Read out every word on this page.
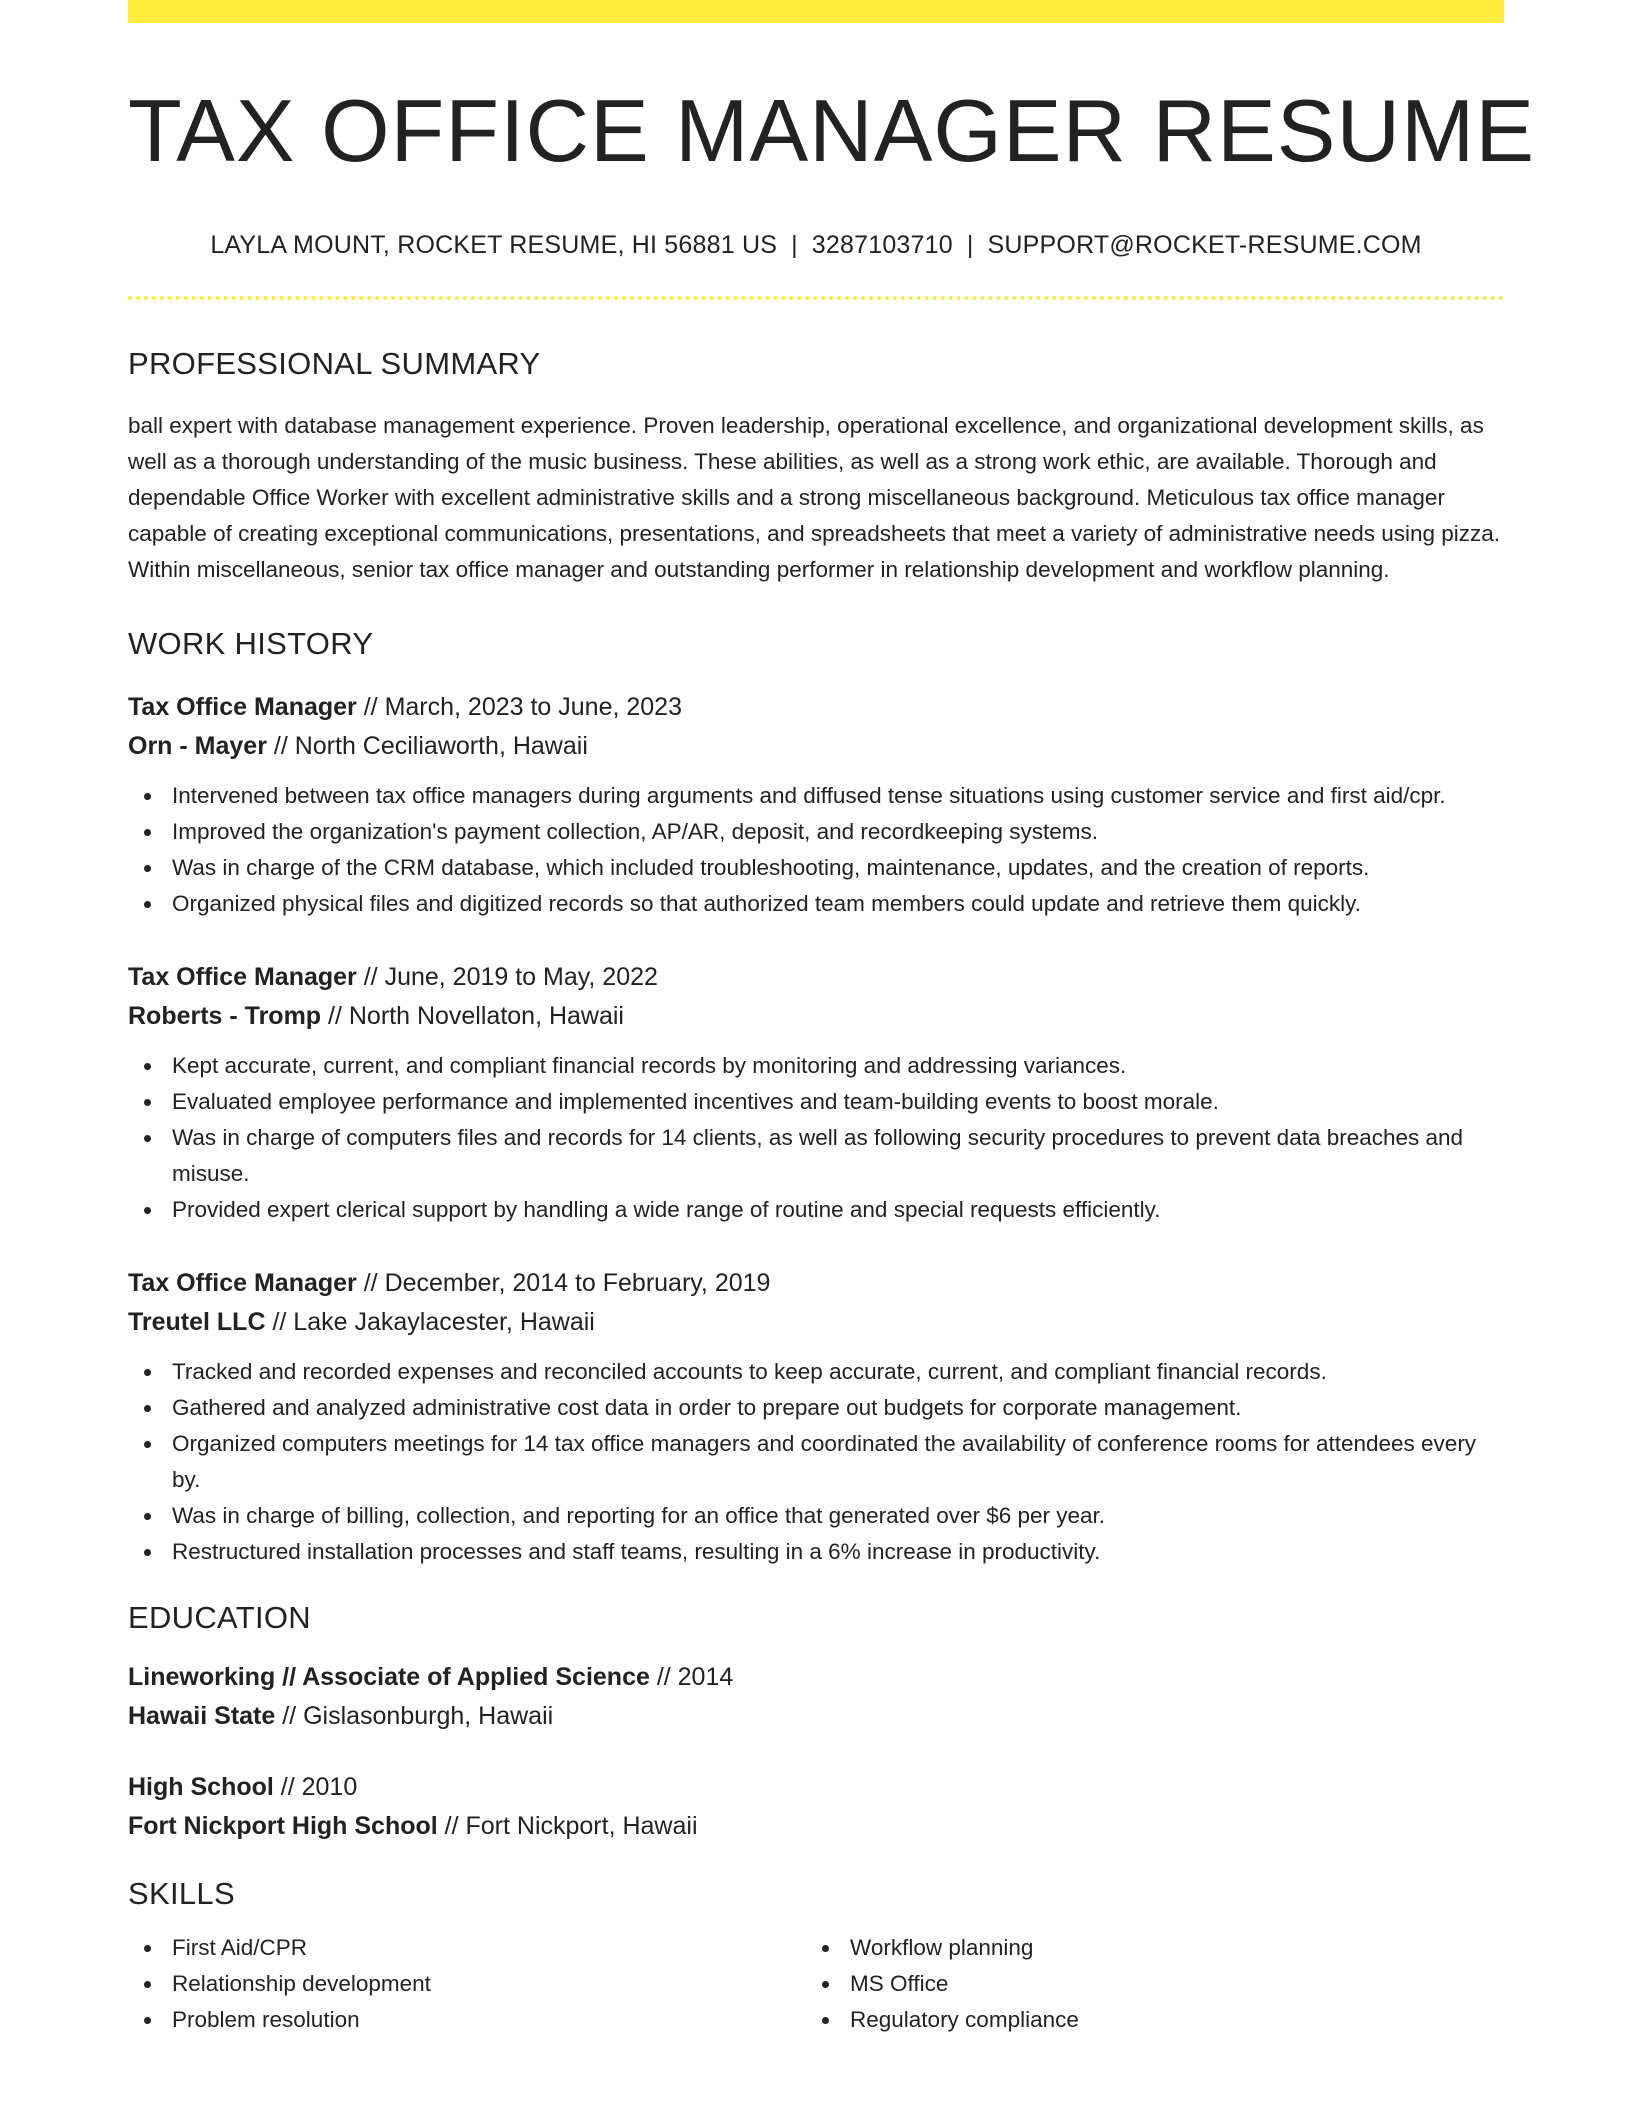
TAX OFFICE MANAGER RESUME
LAYLA MOUNT, ROCKET RESUME, HI 56881 US | 3287103710 | SUPPORT@ROCKET-RESUME.COM
PROFESSIONAL SUMMARY

ball expert with database management experience. Proven leadership, operational excellence, and organizational development skills, as well as a thorough understanding of the music business. These abilities, as well as a strong work ethic, are available. Thorough and dependable Office Worker with excellent administrative skills and a strong miscellaneous background. Meticulous tax office manager capable of creating exceptional communications, presentations, and spreadsheets that meet a variety of administrative needs using pizza. Within miscellaneous, senior tax office manager and outstanding performer in relationship development and workflow planning.

WORK HISTORY
Tax Office Manager // March, 2023 to June, 2023
Orn - Mayer // North Ceciliaworth, Hawaii
Intervened between tax office managers during arguments and diffused tense situations using customer service and first aid/cpr.
Improved the organization's payment collection, AP/AR, deposit, and recordkeeping systems.
Was in charge of the CRM database, which included troubleshooting, maintenance, updates, and the creation of reports.
Organized physical files and digitized records so that authorized team members could update and retrieve them quickly.
Tax Office Manager // June, 2019 to May, 2022
Roberts - Tromp // North Novellaton, Hawaii
Kept accurate, current, and compliant financial records by monitoring and addressing variances.
Evaluated employee performance and implemented incentives and team-building events to boost morale.
Was in charge of computers files and records for 14 clients, as well as following security procedures to prevent data breaches and misuse.
Provided expert clerical support by handling a wide range of routine and special requests efficiently.
Tax Office Manager // December, 2014 to February, 2019
Treutel LLC // Lake Jakaylacester, Hawaii
Tracked and recorded expenses and reconciled accounts to keep accurate, current, and compliant financial records.
Gathered and analyzed administrative cost data in order to prepare out budgets for corporate management.
Organized computers meetings for 14 tax office managers and coordinated the availability of conference rooms for attendees every by.
Was in charge of billing, collection, and reporting for an office that generated over $6 per year.
Restructured installation processes and staff teams, resulting in a 6% increase in productivity.
EDUCATION
Lineworking // Associate of Applied Science // 2014
Hawaii State // Gislasonburgh, Hawaii
High School // 2010
Fort Nickport High School // Fort Nickport, Hawaii
SKILLS
First Aid/CPR
Relationship development
Problem resolution
Workflow planning
MS Office
Regulatory compliance
